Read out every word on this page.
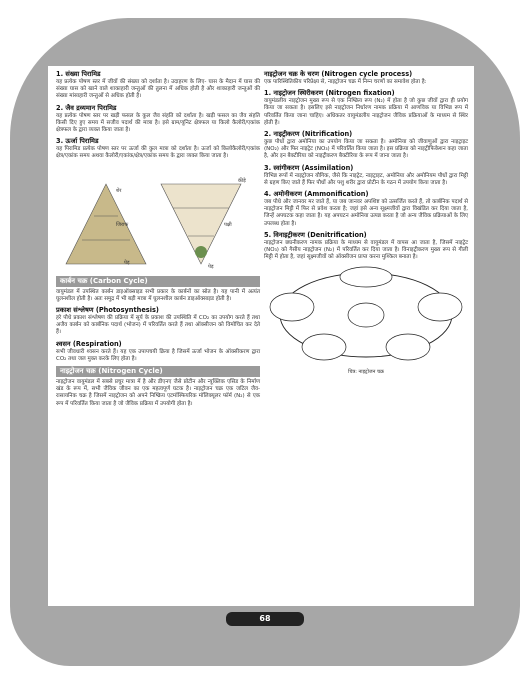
1. संख्या पिरामिड
यह प्रत्येक पोषण स्तर में जीवों की संख्या को दर्शाता है। उदाहरण के लिए- घास के मैदान में घास की संख्या घास को खाने वाले शाकाहारी जन्तुओं की तुलना में अधिक होती है और शाकाहारी जन्तुओं की संख्या मांसाहारी जन्तुओं से अधिक होती है।
2. जैव द्रव्यमान पिरामिड
यह प्रत्येक पोषण स्तर पर खड़ी फसल के कुल जैव संहति को दर्शाता है। खड़ी फसल का जैव संहति किसी दिए हुए समय में सजीव पदार्थ की मात्रा है। इसे ग्राम/यूनिट क्षेत्रफल या किलो कैलोरी/एकांक क्षेत्रफल के द्वारा व्यक्त किया जाता है।
3. ऊर्जा पिरामिड
यह पिरामिड प्रत्येक पोषण स्तर पर ऊर्जा की कुल मात्रा को दर्शाता है। ऊर्जा को किलोकैलोरी/एकांक क्षेत्र/एकांक समय अथवा कैलोरी/एकांक/क्षेत्र/एकांक समय के द्वारा व्यक्त किया जाता है।
शेर
जिराफ
पेड़
कीड़े
पक्षी
पेड़
कार्बन चक्र (Carbon Cycle)
वायुमंडल में उपस्थित कार्बन डाइऑक्साइड सभी प्रकार के कार्बनों का स्रोत है। यह पानी में अत्यंत घुलनशील होती है। अतः समुद्र में भी बड़ी मात्रा में घुलनशील कार्बन डाइऑक्साइड होती है।
प्रकाश संश्लेषण (Photosynthesis)
हरे पौधे प्रकाश संश्लेषण की प्रक्रिया में सूर्य के प्रकाश की उपस्थिति में CO₂ का उपयोग करते हैं तथा अजैव कार्बन को कार्बनिक पदार्थ (भोजन) में परिवर्तित करते हैं तथा ऑक्सीजन को विमोचित कर देते हैं।
श्वसन (Respiration)
सभी जीवधारी श्वसन करते हैं। यह एक उपापचयी क्रिया है जिसमें ऊर्जा भोजन के ऑक्सीकरण द्वारा CO₂ तथा जल मुक्त करके लिए होता है।
नाइट्रोजन चक्र (Nitrogen Cycle)
नाइट्रोजन वायुमंडल में सबसे प्रचुर मात्रा में है और डीएनए जैसे प्रोटीन और न्यूक्लिक एसिड के निर्माण खंड के रूप में, सभी जैविक जीवन का एक महत्वपूर्ण घटक है। नाइट्रोजन चक्र एक जटिल जैव-रासायनिक चक्र है जिसमें नाइट्रोजन को अपने निष्क्रिय एटमॉस्फियरिक मॉलिक्यूलर फॉर्म (N₂) से एक रूप में परिवर्तित किया जाता है जो जैविक प्रक्रिया में उपयोगी होता है।
नाइट्रोजन चक्र के चरण (Nitrogen cycle process)
एक पारिस्थितिकीय परिप्रेक्ष्य से, नाइट्रोजन चक्र में निम्न चरणों का समावेश होता है:
1. नाइट्रोजन स्थिरीकरण (Nitrogen fixation)
वायुमंडलीय नाइट्रोजन मुख्य रूप से एक निष्क्रिय रूप (N₂) में होता है जो कुछ जीवों द्वारा ही प्रयोग किया जा सकता है। इसलिए इसे नाइट्रोजन निर्धारण नामक प्रक्रिया में आणविक या विभिन्न रूप में परिवर्तित किया जाना चाहिए। अधिकतर वायुमंडलीय नाइट्रोजन जैविक प्रक्रियाओं के माध्यम से स्थिर होती है।
2. नाइट्रीकरण (Nitrification)
कुछ पौधों द्वारा अमोनिया का उपयोग किया जा सकता है। अमोनिया को जीवाणुओं द्वारा नाइट्राइट (NO₂) और फिर नाइट्रेट (NO₃) में परिवर्तित किया जाता है। इस प्रक्रिया को नाइट्रीफिकेशन कहा जाता है, और इन बैक्टीरिया को नाइट्रीकरण बैक्टीरिया के रूप में जाना जाता है।
3. स्वांगीकरण (Assimilation)
विभिन्न रूपों में नाइट्रोजन यौगिक, जैसे कि नाइट्रेट, नाइट्राइट, अमोनिया और अमोनियम पौधों द्वारा मिट्टी से ग्रहण किए जाते हैं फिर पौधों और पशु शरीर द्वारा प्रोटीन के गठन में उपयोग किया जाता है।
4. अमोनीकरण (Ammonification)
जब पौधे और जानवर मर जाते हैं, या जब जानवर अपशिष्ट को उत्सर्जित करते हैं, तो कार्बनिक पदार्थ से नाइट्रोजन मिट्टी में फिर से प्रवेश करता है; जहां इसे अन्य सूक्ष्मजीवों द्वारा विखंडित कर दिया जाता है, जिन्हें अपघटक कहा जाता है। यह अपघटन अमोनिया उत्पन्न करता है जो अन्य जैविक प्रक्रियाओं के लिए उपलब्ध होता है।
5. विनाइट्रीकरण (Denitrification)
नाइट्रोजन छ्यनीकरण नामक प्रक्रिया के माध्यम से वायुमंडल में वापस आ जाता है, जिसमें नाइट्रेट (NO₃) को गैसीय नाइट्रोजन (N₂) में परिवर्तित कर दिया जाता है। विनाइट्रीकरण मुख्य रूप से गीली मिट्टी में होता है, जहां सूक्ष्मजीवों को ऑक्सीजन प्राप्त करना मुश्किल बनाता है।
चित्र: नाइट्रोजन चक्र
68
